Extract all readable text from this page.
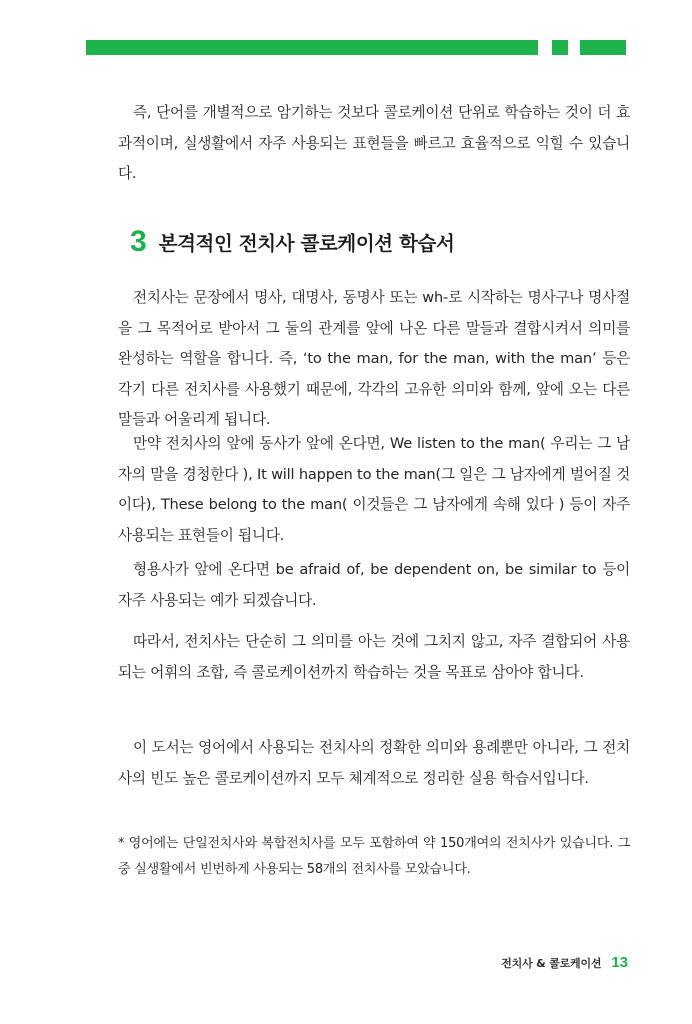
즉, 단어를 개별적으로 암기하는 것보다 콜로케이션 단위로 학습하는 것이 더 효과적이며, 실생활에서 자주 사용되는 표현들을 빠르고 효율적으로 익힐 수 있습니다.

3 본격적인 전치사 콜로케이션 학습서

전치사는 문장에서 명사, 대명사, 동명사 또는 wh-로 시작하는 명사구나 명사절을 그 목적어로 받아서 그 둘의 관계를 앞에 나온 다른 말들과 결합시켜서 의미를 완성하는 역할을 합니다. 즉, ‘to the man, for the man, with the man’ 등은 각기 다른 전치사를 사용했기 때문에, 각각의 고유한 의미와 함께, 앞에 오는 다른 말들과 어울리게 됩니다.

만약 전치사의 앞에 동사가 앞에 온다면, We listen to the man( 우리는 그 남자의 말을 경청한다 ), It will happen to the man(그 일은 그 남자에게 벌어질 것이다), These belong to the man( 이것들은 그 남자에게 속해 있다 ) 등이 자주 사용되는 표현들이 됩니다.

형용사가 앞에 온다면 be afraid of, be dependent on, be similar to 등이 자주 사용되는 예가 되겠습니다.

따라서, 전치사는 단순히 그 의미를 아는 것에 그치지 않고, 자주 결합되어 사용되는 어휘의 조합, 즉 콜로케이션까지 학습하는 것을 목표로 삼아야 합니다.

이 도서는 영어에서 사용되는 전치사의 정확한 의미와 용례뿐만 아니라, 그 전치사의 빈도 높은 콜로케이션까지 모두 체계적으로 정리한 실용 학습서입니다.

* 영어에는 단일전치사와 복합전치사를 모두 포함하여 약 150개여의 전치사가 있습니다. 그중 실생활에서 빈번하게 사용되는 58개의 전치사를 모았습니다.

전치사 & 콜로케이션 13
